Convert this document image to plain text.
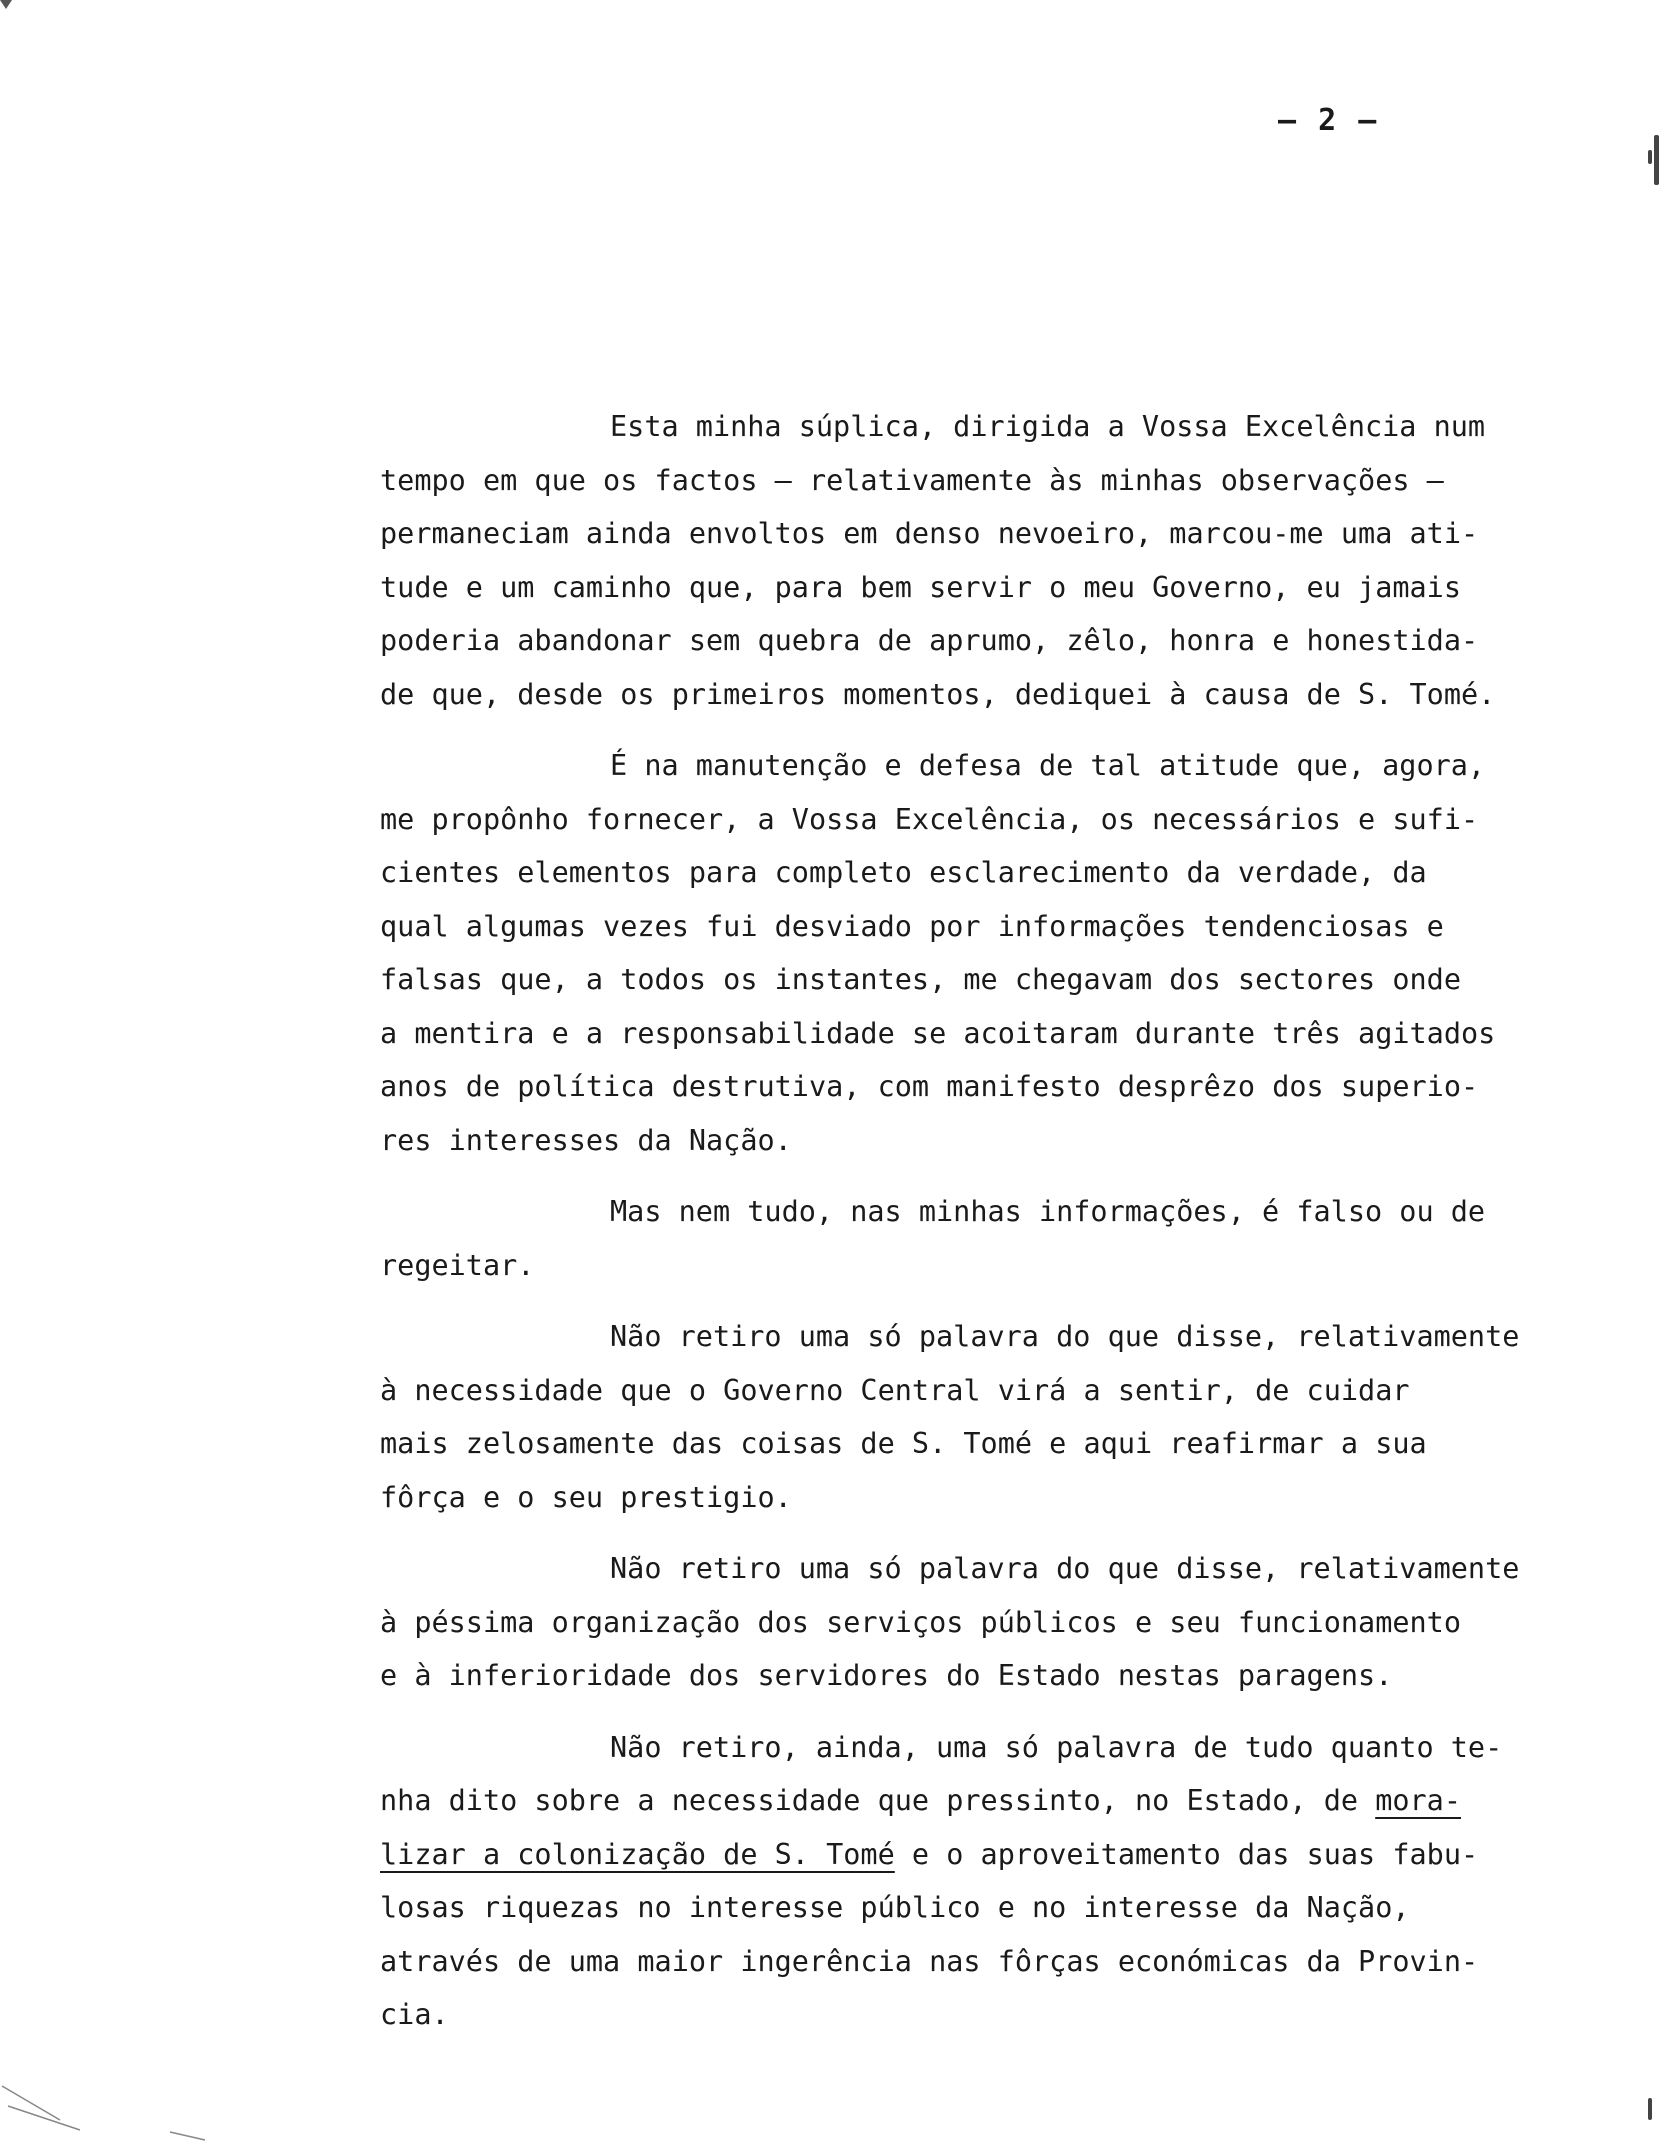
— 2 —
Esta minha súplica, dirigida a Vossa Excelência num
tempo em que os factos — relativamente às minhas observações —
permaneciam ainda envoltos em denso nevoeiro, marcou-me uma ati-
tude e um caminho que, para bem servir o meu Governo, eu jamais
poderia abandonar sem quebra de aprumo, zêlo, honra e honestida-
de que, desde os primeiros momentos, dediquei à causa de S. Tomé.
É na manutenção e defesa de tal atitude que, agora,
me propônho fornecer, a Vossa Excelência, os necessários e sufi-
cientes elementos para completo esclarecimento da verdade, da
qual algumas vezes fui desviado por informações tendenciosas e
falsas que, a todos os instantes, me chegavam dos sectores onde
a mentira e a responsabilidade se acoitaram durante três agitados
anos de política destrutiva, com manifesto desprêzo dos superio-
res interesses da Nação.
Mas nem tudo, nas minhas informações, é falso ou de
regeitar.
Não retiro uma só palavra do que disse, relativamente
à necessidade que o Governo Central virá a sentir, de cuidar
mais zelosamente das coisas de S. Tomé e aqui reafirmar a sua
fôrça e o seu prestigio.
Não retiro uma só palavra do que disse, relativamente
à péssima organização dos serviços públicos e seu funcionamento
e à inferioridade dos servidores do Estado nestas paragens.
Não retiro, ainda, uma só palavra de tudo quanto te-
nha dito sobre a necessidade que pressinto, no Estado, de mora-
lizar a colonização de S. Tomé e o aproveitamento das suas fabu-
losas riquezas no interesse público e no interesse da Nação,
através de uma maior ingerência nas fôrças económicas da Provin-
cia.
